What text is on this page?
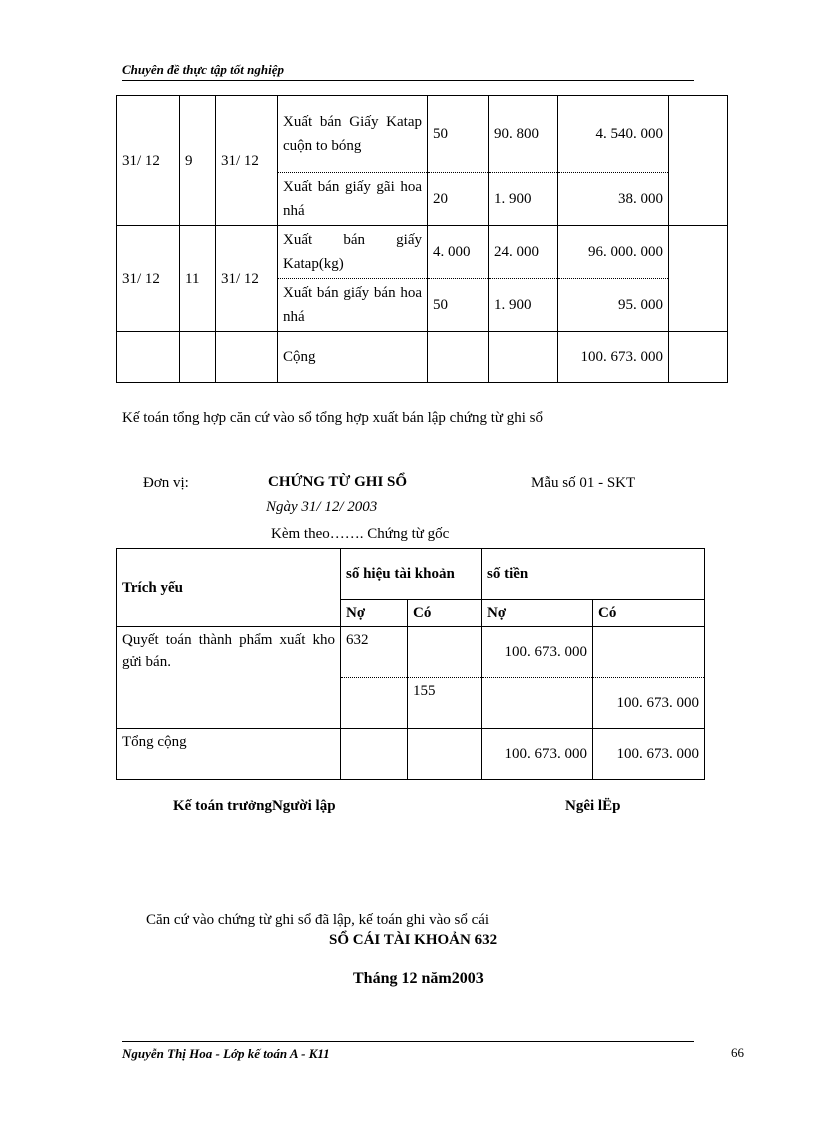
Chuyên đề thực tập tốt nghiệp
31/ 12	9	31/ 12	Xuất bán Giấy Katap cuộn to bóng	50	90. 800	4. 540. 000	
			Xuất bán giấy gãi hoa nhá	20	1. 900	38. 000	
31/ 12	11	31/ 12	Xuất bán giấy Katap(kg)	4. 000	24. 000	96. 000. 000	
			Xuất bán giấy bán hoa nhá	50	1. 900	95. 000	
			Cộng			100. 673. 000	
Kế toán tổng hợp căn cứ vào sổ tổng hợp xuất bán lập chứng từ ghi sổ
Đơn vị:	CHỨNG TỪ GHI SỔ	Mẫu số 01 - SKT
Ngày 31/ 12/ 2003
Kèm theo……. Chứng từ gốc
Trích yếu	số hiệu tài khoản		số tiền	
	Nợ	Có	Nợ	Có
Quyết toán thành phẩm xuất kho gửi bán.	632		100. 673. 000	
		155		100. 673. 000
Tổng cộng			100. 673. 000	100. 673. 000
Kế toán trưởngNgười lập	Ngêi lËp
Căn cứ vào chứng từ ghi sổ đã lập, kế toán ghi vào sổ cái
SỔ CÁI TÀI KHOẢN 632
Tháng 12 năm2003
Nguyễn Thị Hoa - Lớp kế toán A - K11	66
